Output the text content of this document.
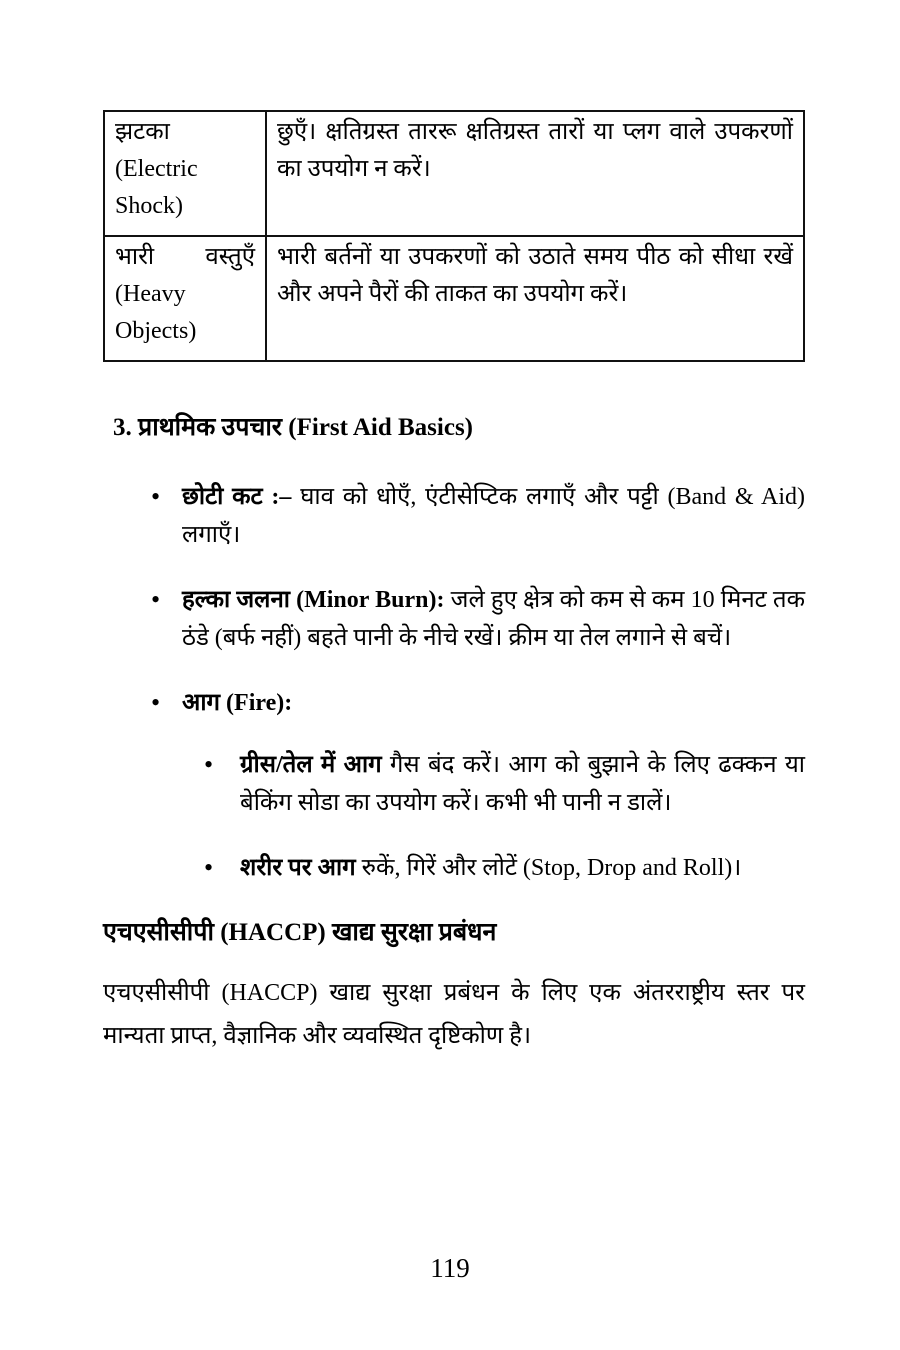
झटका (Electric Shock)	छुएँ। क्षतिग्रस्त ताररू क्षतिग्रस्त तारों या प्लग वाले उपकरणों का उपयोग न करें।
भारी वस्तुएँ (Heavy Objects)	भारी बर्तनों या उपकरणों को उठाते समय पीठ को सीधा रखें और अपने पैरों की ताकत का उपयोग करें।
3. प्राथमिक उपचार (First Aid Basics)
• छोटी कट :– घाव को धोएँ, एंटीसेप्टिक लगाएँ और पट्टी (Band & Aid) लगाएँ।
• हल्का जलना (Minor Burn): जले हुए क्षेत्र को कम से कम 10 मिनट तक ठंडे (बर्फ नहीं) बहते पानी के नीचे रखें। क्रीम या तेल लगाने से बचें।
• आग (Fire):
• ग्रीस/तेल में आग गैस बंद करें। आग को बुझाने के लिए ढक्कन या बेकिंग सोडा का उपयोग करें। कभी भी पानी न डालें।
• शरीर पर आग रुकें, गिरें और लोटें (Stop, Drop and Roll)।
एचएसीसीपी (HACCP) खाद्य सुरक्षा प्रबंधन
एचएसीसीपी (HACCP) खाद्य सुरक्षा प्रबंधन के लिए एक अंतरराष्ट्रीय स्तर पर मान्यता प्राप्त, वैज्ञानिक और व्यवस्थित दृष्टिकोण है।
119
